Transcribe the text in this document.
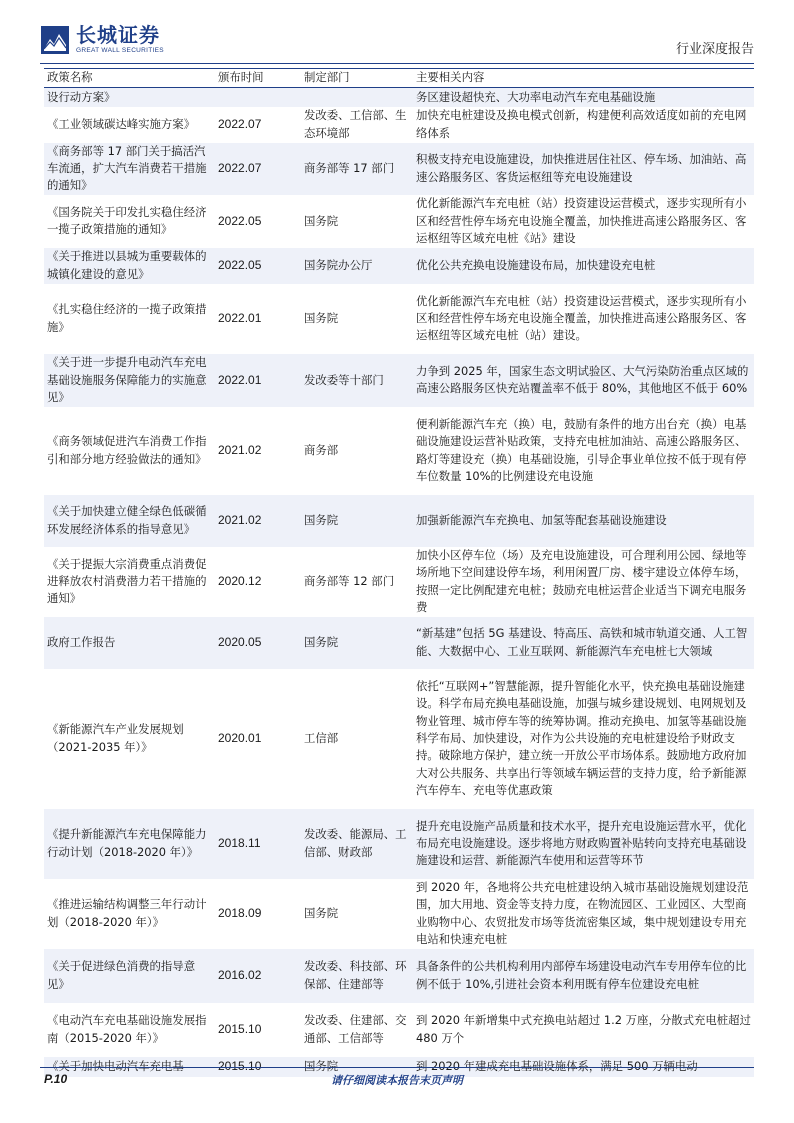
长城证券
GREAT WALL SECURITIES	行业深度报告
政策名称	颁布时间	制定部门	主要相关内容
设行动方案》			务区建设超快充、大功率电动汽车充电基础设施
《工业领域碳达峰实施方案》	2022.07	发改委、工信部、生态环境部	加快充电桩建设及换电模式创新，构建便利高效适度如前的充电网络体系
《商务部等 17 部门关于搞活汽车流通，扩大汽车消费若干措施的通知》	2022.07	商务部等 17 部门	积极支持充电设施建设，加快推进居住社区、停车场、加油站、高速公路服务区、客货运枢纽等充电设施建设
《国务院关于印发扎实稳住经济一揽子政策措施的通知》	2022.05	国务院	优化新能源汽车充电桩（站）投资建设运营模式，逐步实现所有小区和经营性停车场充电设施全覆盖，加快推进高速公路服务区、客运枢纽等区域充电桩《站》建设
《关于推进以县城为重要载体的城镇化建设的意见》	2022.05	国务院办公厅	优化公共充换电设施建设布局，加快建设充电桩
《扎实稳住经济的一揽子政策措施》	2022.01	国务院	优化新能源汽车充电桩（站）投资建设运营模式，逐步实现所有小区和经营性停车场充电设施全覆盖，加快推进高速公路服务区、客运枢纽等区域充电桩（站）建设。
《关于进一步提升电动汽车充电基础设施服务保障能力的实施意见》	2022.01	发改委等十部门	力争到 2025 年，国家生态文明试验区、大气污染防治重点区域的高速公路服务区快充站覆盖率不低于 80%，其他地区不低于 60%
《商务领域促进汽车消费工作指引和部分地方经验做法的通知》	2021.02	商务部	便利新能源汽车充（换）电，鼓励有条件的地方出台充（换）电基础设施建设运营补贴政策，支持充电桩加油站、高速公路服务区、路灯等建设充（换）电基础设施，引导企事业单位按不低于现有停车位数量 10%的比例建设充电设施
《关于加快建立健全绿色低碳循环发展经济体系的指导意见》	2021.02	国务院	加强新能源汽车充换电、加氢等配套基础设施建设
《关于提振大宗消费重点消费促进释放农村消费潜力若干措施的通知》	2020.12	商务部等 12 部门	加快小区停车位（场）及充电设施建设，可合理利用公园、绿地等场所地下空间建设停车场，利用闲置厂房、楼宇建设立体停车场，按照一定比例配建充电桩；鼓励充电桩运营企业适当下调充电服务费
政府工作报告	2020.05	国务院	“新基建”包括 5G 基建设、特高压、高铁和城市轨道交通、人工智能、大数据中心、工业互联网、新能源汽车充电桩七大领域
《新能源汽车产业发展规划（2021-2035 年）》	2020.01	工信部	依托“互联网+”智慧能源，提升智能化水平，快充换电基础设施建设。科学布局充换电基础设施，加强与城乡建设规划、电网规划及物业管理、城市停车等的统筹协调。推动充换电、加氢等基础设施科学布局、加快建设，对作为公共设施的充电桩建设给予财政支持。破除地方保护，建立统一开放公平市场体系。鼓励地方政府加大对公共服务、共享出行等领域车辆运营的支持力度，给予新能源汽车停车、充电等优惠政策
《提升新能源汽车充电保障能力行动计划（2018-2020 年）》	2018.11	发改委、能源局、工信部、财政部	提升充电设施产品质量和技术水平，提升充电设施运营水平，优化布局充电设施建设。逐步将地方财政购置补贴转向支持充电基础设施建设和运营、新能源汽车使用和运营等环节
《推进运输结构调整三年行动计划（2018-2020 年）》	2018.09	国务院	到 2020 年，各地将公共充电桩建设纳入城市基础设施规划建设范围，加大用地、资金等支持力度，在物流园区、工业园区、大型商业购物中心、农贸批发市场等货流密集区域，集中规划建设专用充电站和快速充电桩
《关于促进绿色消费的指导意见》	2016.02	发改委、科技部、环保部、住建部等	具备条件的公共机构利用内部停车场建设电动汽车专用停车位的比例不低于 10%,引进社会资本利用既有停车位建设充电桩
《电动汽车充电基础设施发展指南（2015-2020 年）》	2015.10	发改委、住建部、交通部、工信部等	到 2020 年新增集中式充换电站超过 1.2 万座，分散式充电桩超过 480 万个
《关于加快电动汽车充电基	2015.10	国务院	到 2020 年建成充电基础设施体系，满足 500 万辆电动
P.10	请仔细阅读本报告末页声明
